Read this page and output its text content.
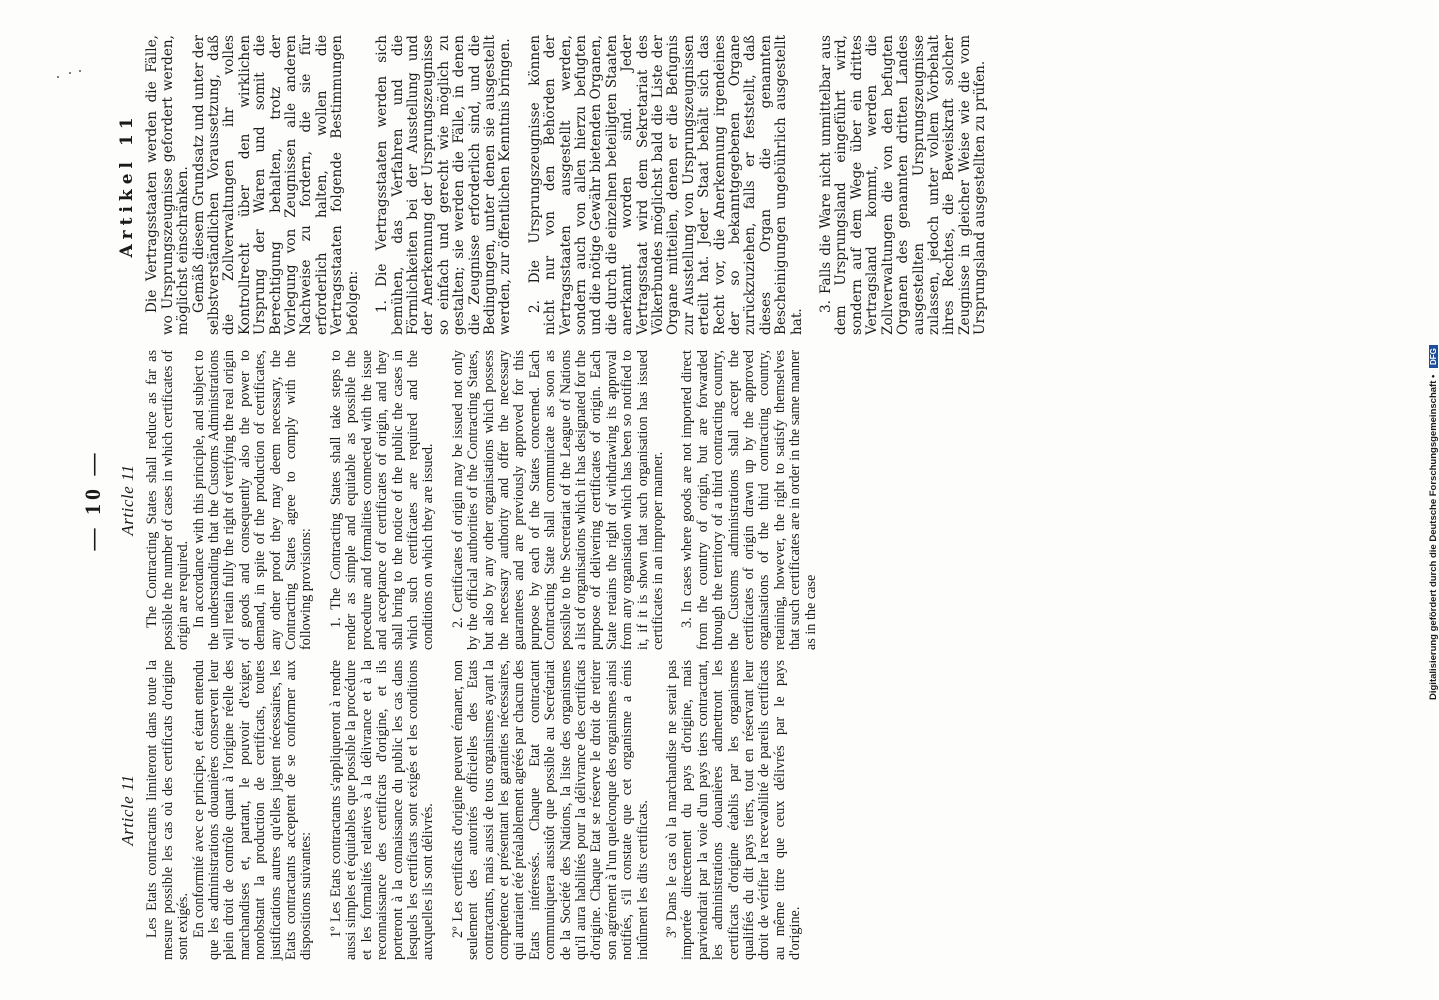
— 10 —
Article 11 Les Etats contractants limiteront dans toute la mesure possible les cas où des certificats d'origine sont exigés. En conformité avec ce principe, et étant entendu que les administrations douanières conservent leur plein droit de contrôle quant à l'origine réelle des marchandises et, partant, le pouvoir d'exiger, nonobstant la production de certificats, toutes justifications autres qu'elles jugent nécessaires, les Etats contractants acceptent de se conformer aux dispositions suivantes: 1º Les Etats contractants s'appliqueront à rendre aussi simples et équitables que possible la procédure et les formalités relatives à la délivrance et à la reconnaissance des certificats d'origine, et ils porteront à la connaissance du public les cas dans lesquels les certificats sont exigés et les conditions auxquelles ils sont délivrés. 2º Les certificats d'origine peuvent émaner, non seulement des autorités officielles des Etats contractants, mais aussi de tous organismes ayant la compétence et présentant les garanties nécessaires, qui auraient été préalablement agréés par chacun des Etats intéressés. Chaque Etat contractant communiquera aussitôt que possible au Secrétariat de la Société des Nations, la liste des organismes qu'il aura habilités pour la délivrance des certificats d'origine. Chaque Etat se réserve le droit de retirer son agrément à l'un quelconque des organismes ainsi notifiés, s'il constate que cet organisme a émis indûment les dits certificats. 3º Dans le cas où la marchandise ne serait pas importée directement du pays d'origine, mais parviendrait par la voie d'un pays tiers contractant, les administrations douanières admettront les certificats d'origine établis par les organismes qualifiés du dit pays tiers, tout en réservant leur droit de vérifier la recevabilité de pareils certificats au même titre que ceux délivrés par le pays d'origine.

Article 11 The Contracting States shall reduce as far as possible the number of cases in which certificates of origin are required. In accordance with this principle, and subject to the understanding that the Customs Administrations will retain fully the right of verifying the real origin of goods and consequently also the power to demand, in spite of the production of certificates, any other proof they may deem necessary, the Contracting States agree to comply with the following provisions: 1. The Contracting States shall take steps to render as simple and equitable as possible the procedure and formalities connected with the issue and acceptance of certificates of origin, and they shall bring to the notice of the public the cases in which such certificates are required and the conditions on which they are issued. 2. Certificates of origin may be issued not only by the official authorities of the Contracting States, but also by any other organisations which possess the necessary authority and offer the necessary guarantees and are previously approved for this purpose by each of the States concerned. Each Contracting State shall communicate as soon as possible to the Secretariat of the League of Nations a list of organisations which it has designated for the purpose of delivering certificates of origin. Each State retains the right of withdrawing its approval from any organisation which has been so notified to it, if it is shown that such organisation has issued certificates in an improper manner. 3. In cases where goods are not imported direct from the country of origin, but are forwarded through the territory of a third contracting country, the Customs administrations shall accept the certificates of origin drawn up by the approved organisations of the third contracting country, retaining, however, the right to satisfy themselves that such certificates are in order in the same manner as in the case

Artikel 11 Die Vertragsstaaten werden die Fälle, wo Ursprungszeugnisse gefordert werden, möglichst einschränken. Gemäß diesem Grundsatz und unter der selbstverständlichen Voraussetzung, daß die Zollverwaltungen ihr volles Kontrollrecht über den wirklichen Ursprung der Waren und somit die Berechtigung behalten, trotz der Vorlegung von Zeugnissen alle anderen Nachweise zu fordern, die sie für erforderlich halten, wollen die Vertragsstaaten folgende Bestimmungen befolgen: 1. Die Vertragsstaaten werden sich bemühen, das Verfahren und die Förmlichkeiten bei der Ausstellung und der Anerkennung der Ursprungszeugnisse so einfach und gerecht wie möglich zu gestalten; sie werden die Fälle, in denen die Zeugnisse erforderlich sind, und die Bedingungen, unter denen sie ausgestellt werden, zur öffentlichen Kenntnis bringen. 2. Die Ursprungszeugnisse können nicht nur von den Behörden der Vertragsstaaten ausgestellt werden, sondern auch von allen hierzu befugten und die nötige Gewähr bietenden Organen, die durch die einzelnen beteiligten Staaten anerkannt worden sind. Jeder Vertragsstaat wird dem Sekretariat des Völkerbundes möglichst bald die Liste der Organe mitteilen, denen er die Befugnis zur Ausstellung von Ursprungszeugnissen erteilt hat. Jeder Staat behält sich das Recht vor, die Anerkennung irgendeines der so bekanntgegebenen Organe zurückzuziehen, falls er feststellt, daß dieses Organ die genannten Bescheinigungen ungebührlich ausgestellt hat.

3. Falls die Ware nicht unmittelbar aus dem Ursprungsland eingeführt wird, sondern auf dem Wege über ein drittes Vertragsland kommt, werden die Zollverwaltungen die von den befugten Organen des genannten dritten Landes ausgestellten Ursprungszeugnisse zulassen, jedoch unter vollem Vorbehalt ihres Rechtes, die Beweiskraft solcher Zeugnisse in gleicher Weise wie die vom Ursprungsland ausgestellten zu prüfen.

Digitalisierung gefördert durch die Deutsche Forschungsgemeinschaft • DFG
